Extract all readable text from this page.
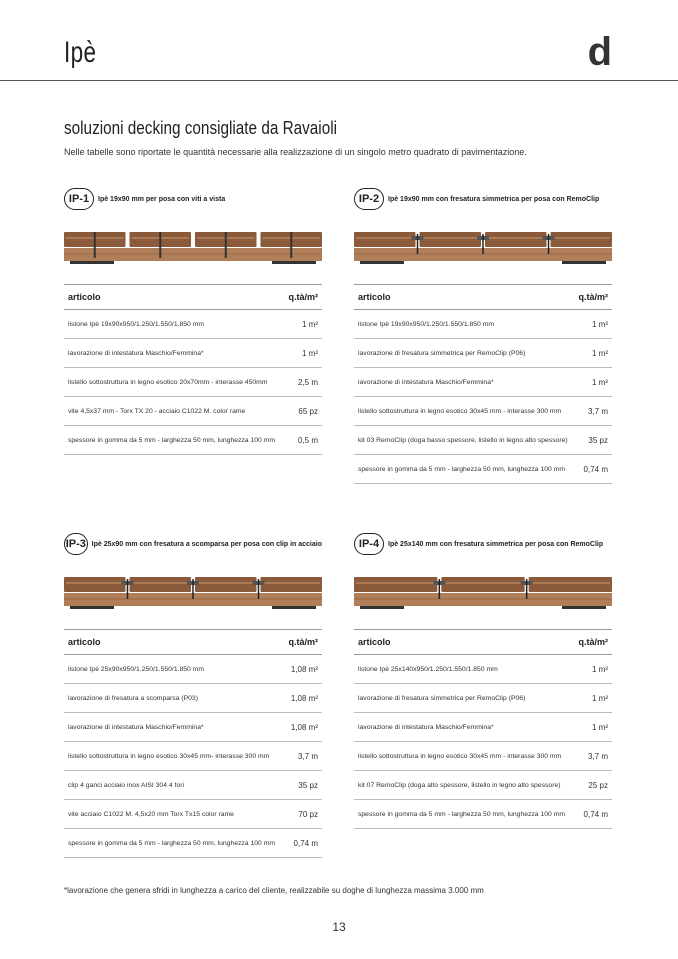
Ipè	d
soluzioni decking consigliate da Ravaioli
Nelle tabelle sono riportate le quantità necessarie alla realizzazione di un singolo metro quadrato di pavimentazione.
IP-1	Ipè 19x90 mm per posa con viti a vista
articolo	q.tà/m²
listone Ipè 19x90x950/1.250/1.550/1.850 mm	1 m²
lavorazione di intestatura Maschio/Femmina*	1 m²
listello sottostruttura in legno esotico 20x70mm - interasse 450mm	2,5 m
vite 4,5x37 mm - Torx TX 20 - acciaio C1022 M. color rame	65 pz
spessore in gomma da 5 mm - larghezza 50 mm, lunghezza 100 mm	0,5 m
IP-2	Ipè 19x90 mm con fresatura simmetrica per posa con RemoClip
articolo	q.tà/m²
listone Ipè 19x90x950/1.250/1.550/1.850 mm	1 m²
lavorazione di fresatura simmetrica per RemoClip (P06)	1 m²
lavorazione di intestatura Maschio/Femmina*	1 m²
listello sottostruttura in legno esotico 30x45 mm - interasse 300 mm	3,7 m
kit 03 RemoClip (doga basso spessore, listello in legno alto spessore)	35 pz
spessore in gomma da 5 mm - larghezza 50 mm, lunghezza 100 mm	0,74 m
IP-3 Ipè 25x90 mm con fresatura a scomparsa per posa con clip in acciaio
articolo	q.tà/m²
listone Ipè 25x90x950/1.250/1.550/1.850 mm	1,08 m²
lavorazione di fresatura a scomparsa (P03)	1,08 m²
lavorazione di intestatura Maschio/Femmina*	1,08 m²
listello sottostruttura in legno esotico 30x45 mm- interasse 300 mm	3,7 m
clip 4 ganci acciaio inox AISI 304 4 fori	35 pz
vite acciaio C1022 M. 4,5x20 mm Torx Tx15 color rame	70 pz
spessore in gomma da 5 mm - larghezza 50 mm, lunghezza 100 mm	0,74 m
IP-4	Ipè 25x140 mm con fresatura simmetrica per posa con RemoClip
articolo	q.tà/m²
listone Ipè 25x140x950/1.250/1.550/1.850 mm	1 m²
lavorazione di fresatura simmetrica per RemoClip (P06)	1 m²
lavorazione di intestatura Maschio/Femmina*	1 m²
listello sottostruttura in legno esotico 30x45 mm - interasse 300 mm	3,7 m
kit 07 RemoClip (doga alto spessore, listello in legno alto spessore)	25 pz
spessore in gomma da 5 mm - larghezza 50 mm, lunghezza 100 mm	0,74 m
*lavorazione che genera sfridi in lunghezza a carico del cliente, realizzabile su doghe di lunghezza massima 3.000 mm
13
